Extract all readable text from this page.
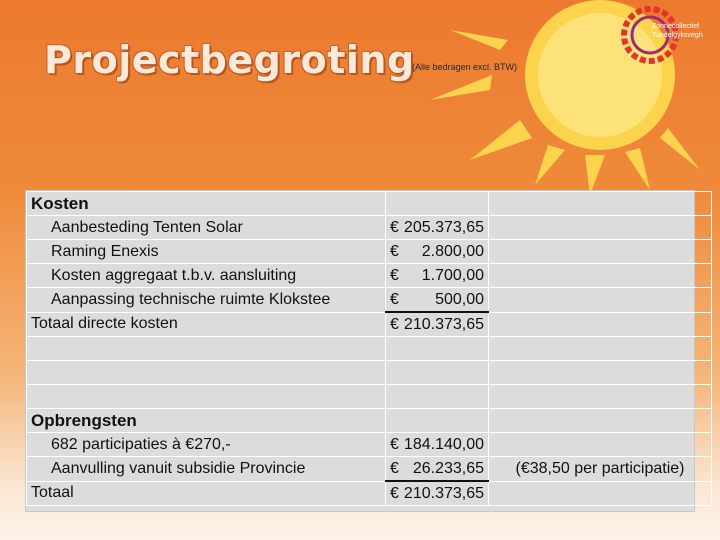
Zonnecollectief Tundelgyksvegh
Projectbegroting
(Alle bedragen excl. BTW)
Kosten		
Aanbesteding Tenten Solar	€ 205.373,65	

Raming Enexis	€ 2.800,00	

Kosten aggregaat t.b.v. aansluiting	€ 1.700,00	

Aanpassing technische ruimte Klokstee	€ 500,00	

Totaal directe kosten	€ 210.373,65	

Opbrengsten		
682 participaties à €270,-	€ 184.140,00	

Aanvulling vanuit subsidie Provincie	€ 26.233,65	(€38,50 per participatie)
Totaal	€ 210.373,65	
